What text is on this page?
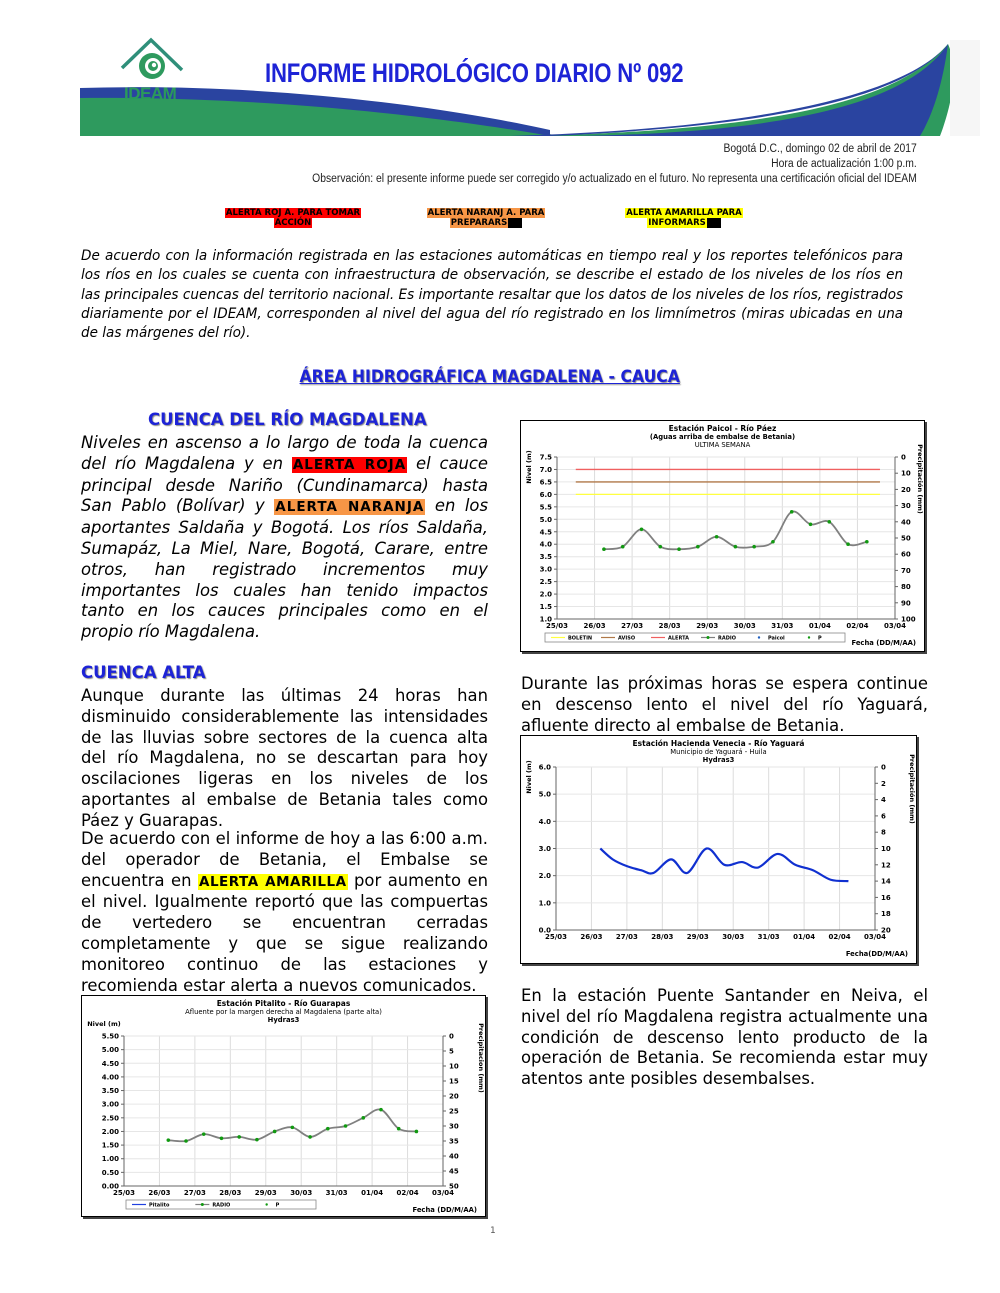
IDEAM
INFORME HIDROLÓGICO DIARIO Nº 092
Bogotá D.C., domingo 02 de abril de 2017
Hora de actualización 1:00 p.m.
Observación: el presente informe puede ser corregido y/o actualizado en el futuro. No representa una certificación oficial del IDEAM
ALERTA ROJ A. PARA TOMAR
ACCIÓN
ALERTA NARANJ A. PARA
PREPARARS
ALERTA AMARILLA PARA
INFORMARS
De acuerdo con la información registrada en las estaciones automáticas en tiempo real y los reportes telefónicos para los ríos en los cuales se cuenta con infraestructura de observación, se describe el estado de los niveles de los ríos en las principales cuencas del territorio nacional. Es importante resaltar que los datos de los niveles de los ríos, registrados diariamente por el IDEAM, corresponden al nivel del agua del río registrado en los limnímetros (miras ubicadas en una de las márgenes del río).
ÁREA HIDROGRÁFICA MAGDALENA - CAUCA
CUENCA DEL RÍO MAGDALENA
Niveles en ascenso a lo largo de toda la cuenca del río Magdalena y en ALERTA ROJA el cauce principal desde Nariño (Cundinamarca) hasta San Pablo (Bolívar) y ALERTA NARANJA en los aportantes Saldaña y Bogotá. Los ríos Saldaña, Sumapáz, La Miel, Nare, Bogotá, Carare, entre otros, han registrado incrementos muy importantes los cuales han tenido impactos tanto en los cauces principales como en el propio río Magdalena.
CUENCA ALTA
Aunque durante las últimas 24 horas han disminuido considerablemente las intensidades de las lluvias sobre sectores de la cuenca alta del río Magdalena, no se descartan para hoy oscilaciones ligeras en los niveles de los aportantes al embalse de Betania tales como Páez y Guarapas.
De acuerdo con el informe de hoy a las 6:00 a.m. del operador de Betania, el Embalse se encuentra en ALERTA AMARILLA por aumento en el nivel. Igualmente reportó que las compuertas de vertedero se encuentran cerradas completamente y que se sigue realizando monitoreo continuo de las estaciones y recomienda estar alerta a nuevos comunicados.
Estación Pitalito - Río Guarapas
Afluente por la margen derecha al Magdalena (parte alta)
Hydras3
25/03 26/03 27/03 28/03 29/03 30/03 31/03 01/04 02/04 03/04
5.50
5.00
4.50
4.00
3.50
3.00
2.50
2.00
1.50
1.00
0.50
0.00
0
5
10
15
20
25
30
35
40
45
50
Fecha (DD/M/AA)
Nivel (m)	Precipitacion (mm)
Pitalito	RADIO	P
Estación Paicol - Río Páez
(Aguas arriba de embalse de Betania)
ULTIMA SEMANA
25/03 26/03 27/03 28/03 29/03 30/03 31/03 01/04 02/04 03/04
7.5
7.0
6.5
6.0
5.5
5.0
4.5
4.0
3.5
3.0
2.5
2.0
1.5
1.0
0
10
20
30
40
50
60
70
80
90
100
Fecha (DD/M/AA)
Nivel (m)	Precipitación (mm)
BOLETIN	AVISO	ALERTA	RADIO	Paicol	P
Durante las próximas horas se espera continue en descenso lento el nivel del río Yaguará, afluente directo al embalse de Betania.
Estación Hacienda Venecia - Río Yaguará
Municipio de Yaguará - Huila
Hydras3
25/03 26/03 27/03 28/03 29/03 30/03 31/03 01/04 02/04 03/04
6.0
5.0
4.0
3.0
2.0
1.0
0.0
0
2
4
6
8
10
12
14
16
18
20
Fecha(DD/M/AA)
Nivel (m)	Precipitación (mm)
En la estación Puente Santander en Neiva, el nivel del río Magdalena registra actualmente una condición de descenso lento producto de la operación de Betania. Se recomienda estar muy atentos ante posibles desembalses.
1
